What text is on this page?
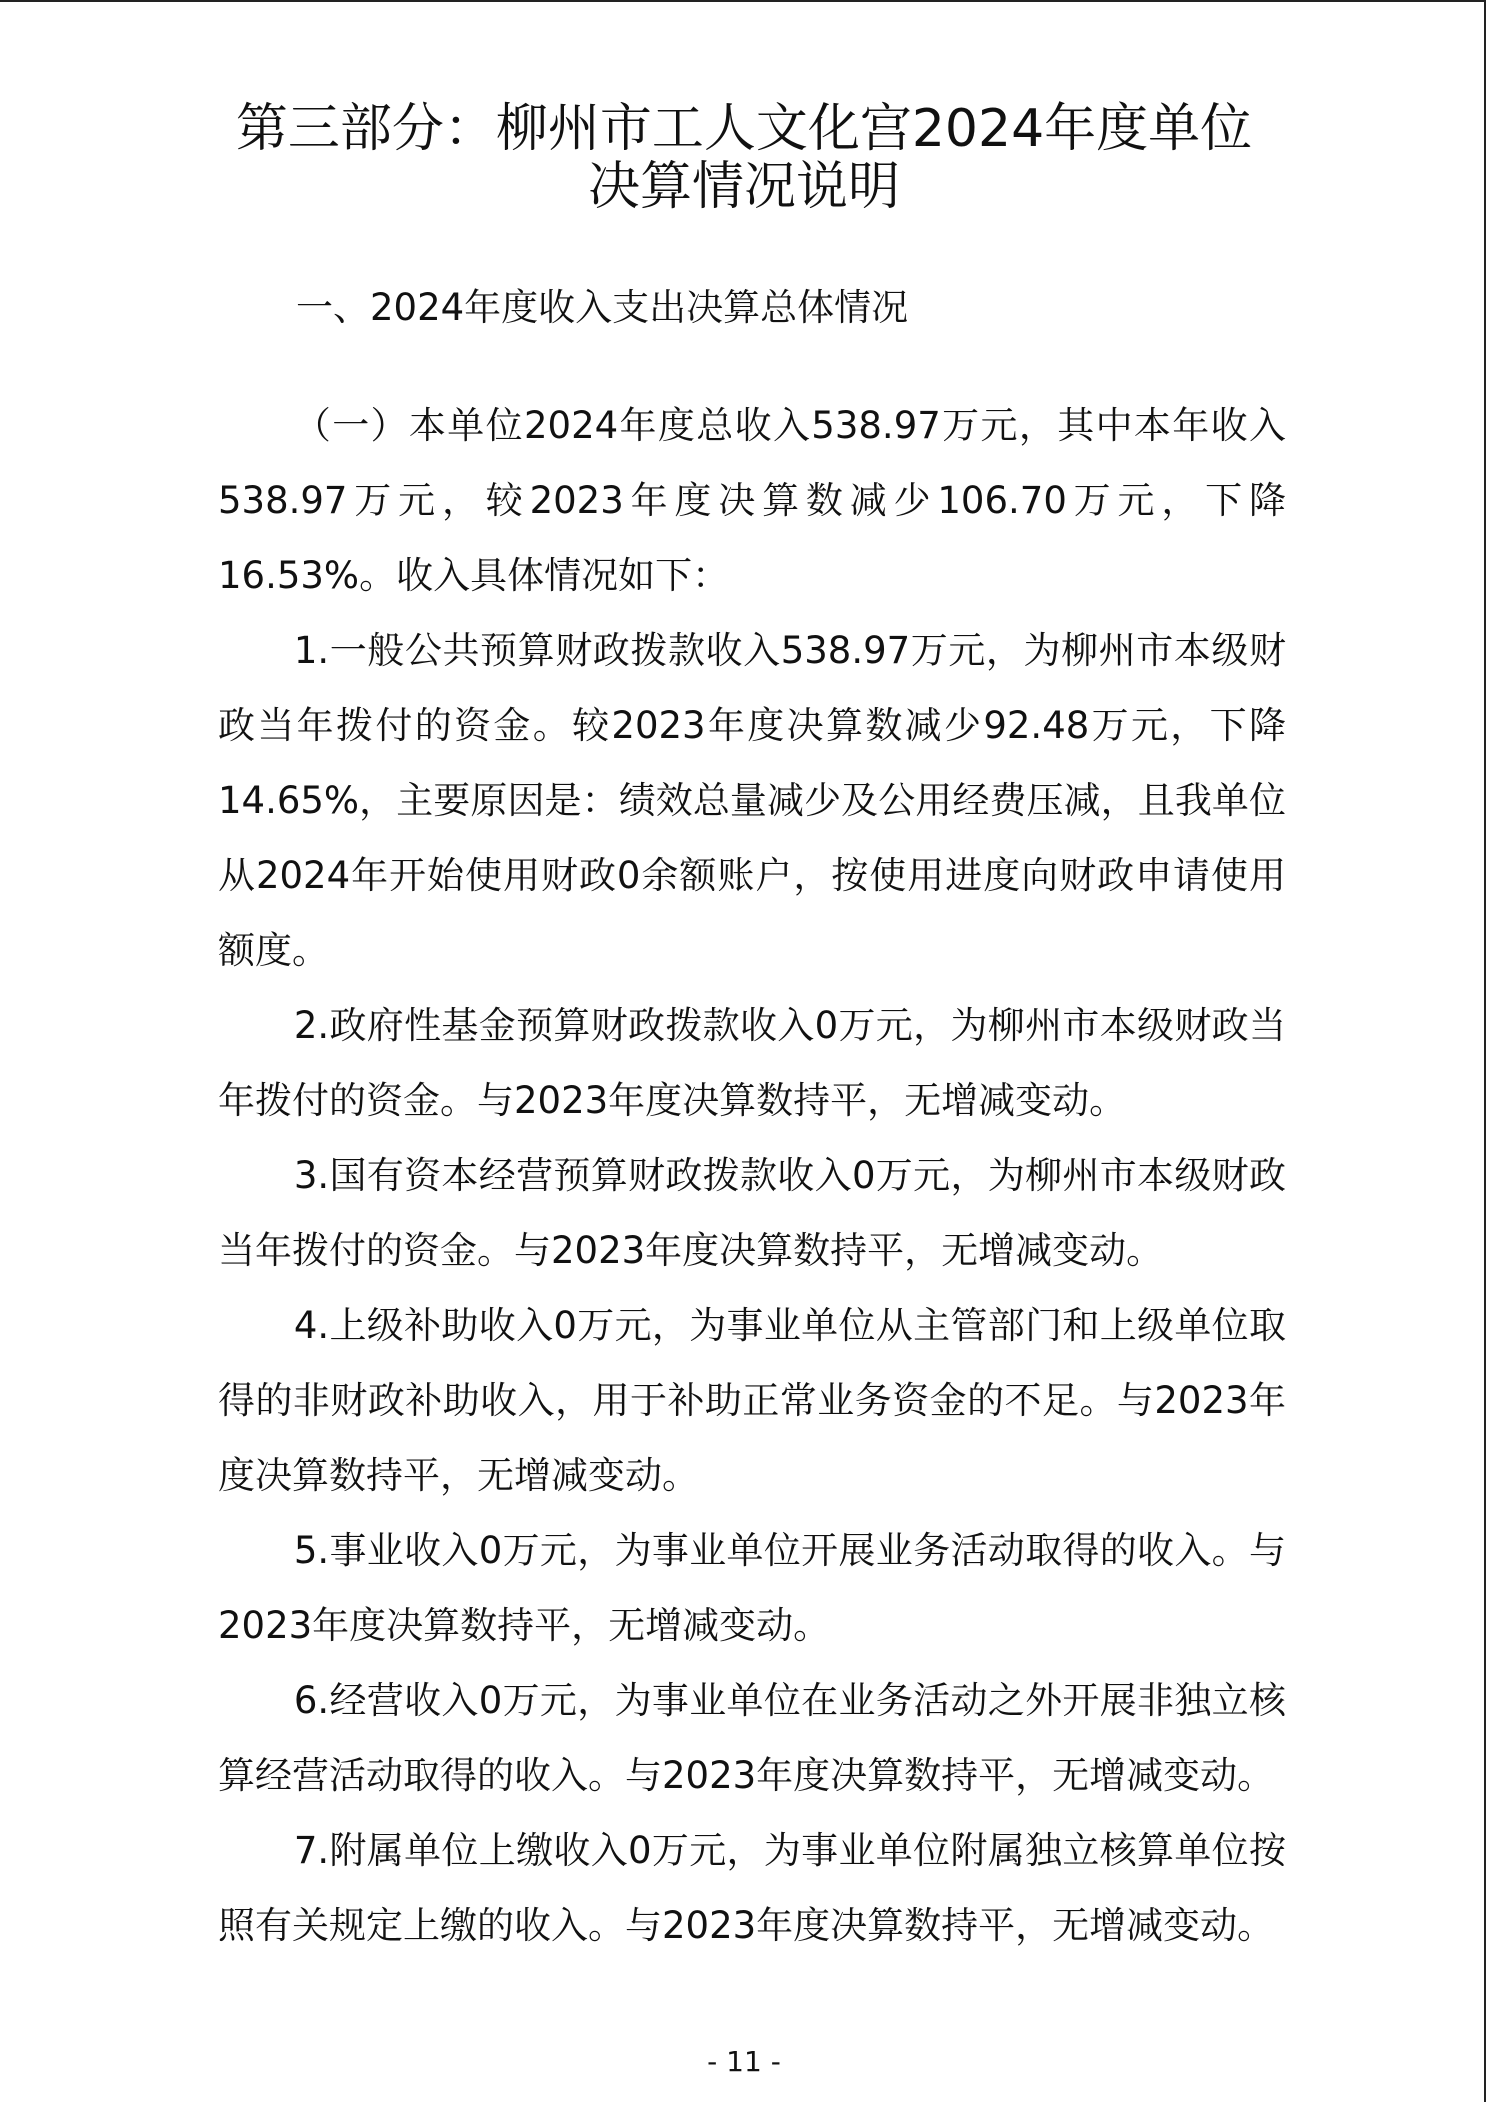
第三部分：柳州市工人文化宫2024年度单位
决算情况说明

一、2024年度收入支出决算总体情况

（一）本单位2024年度总收入538.97万元，其中本年收入538.97万元，较2023年度决算数减少106.70万元，下降16.53%。收入具体情况如下：

1.一般公共预算财政拨款收入538.97万元，为柳州市本级财政当年拨付的资金。较2023年度决算数减少92.48万元，下降14.65%，主要原因是：绩效总量减少及公用经费压减，且我单位从2024年开始使用财政0余额账户，按使用进度向财政申请使用额度。

2.政府性基金预算财政拨款收入0万元，为柳州市本级财政当年拨付的资金。与2023年度决算数持平，无增减变动。

3.国有资本经营预算财政拨款收入0万元，为柳州市本级财政当年拨付的资金。与2023年度决算数持平，无增减变动。

4.上级补助收入0万元，为事业单位从主管部门和上级单位取得的非财政补助收入，用于补助正常业务资金的不足。与2023年度决算数持平，无增减变动。

5.事业收入0万元，为事业单位开展业务活动取得的收入。与2023年度决算数持平，无增减变动。

6.经营收入0万元，为事业单位在业务活动之外开展非独立核算经营活动取得的收入。与2023年度决算数持平，无增减变动。

7.附属单位上缴收入0万元，为事业单位附属独立核算单位按照有关规定上缴的收入。与2023年度决算数持平，无增减变动。

- 11 -
